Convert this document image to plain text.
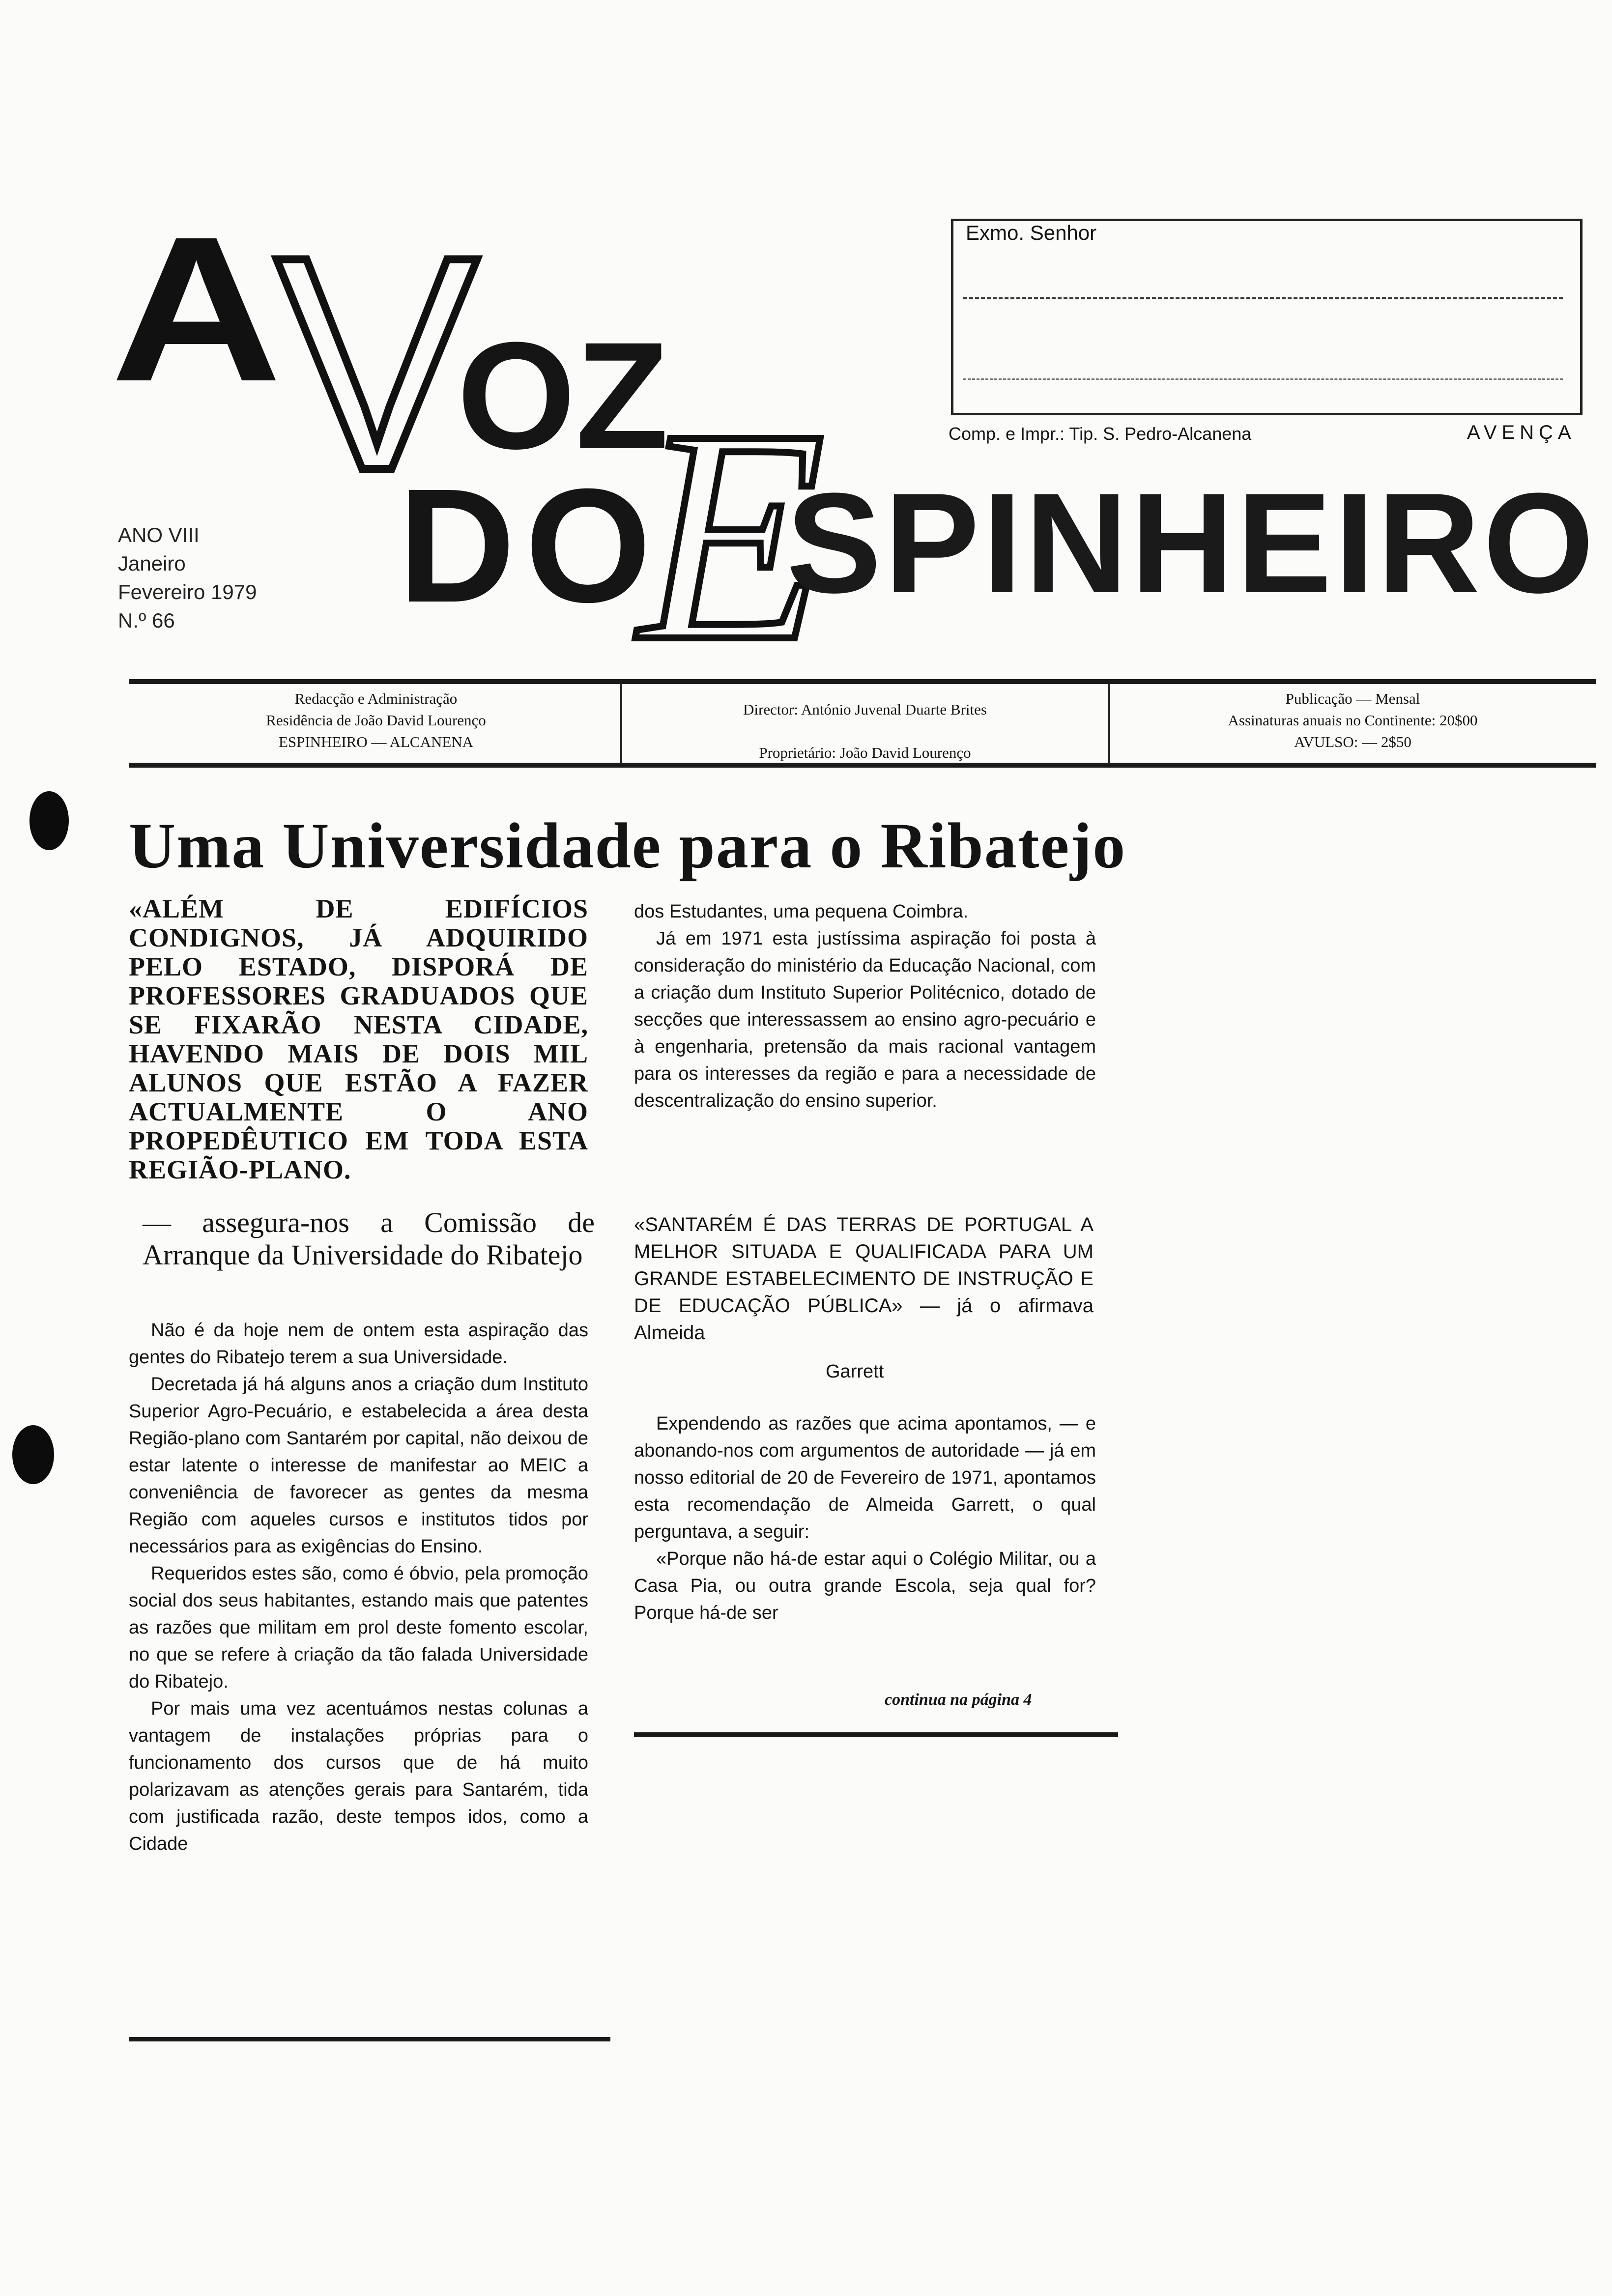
A
V
OZ
DO
E
SPINHEIRO
ANO VIII
Janeiro
Fevereiro 1979
N.º 66
Exmo. Senhor
Comp. e Impr.: Tip. S. Pedro-Alcanena	AVENÇA
Redacção e Administração
Residência de João David Lourenço
ESPINHEIRO — ALCANENA
Director: António Juvenal Duarte Brites
Proprietário: João David Lourenço
Publicação — Mensal
Assinaturas anuais no Continente: 20$00
AVULSO: — 2$50
Uma Universidade para o Ribatejo
«ALÉM DE EDIFÍCIOS CONDIGNOS, JÁ ADQUIRIDO PELO ESTADO, DISPORÁ DE PROFESSORES GRADUADOS QUE SE FIXARÃO NESTA CIDADE, HAVENDO MAIS DE DOIS MIL ALUNOS QUE ESTÃO A FAZER ACTUALMENTE O ANO PROPEDÊUTICO EM TODA ESTA REGIÃO-PLANO.
— assegura-nos a Comissão de Arranque da Universidade do Ribatejo

Não é da hoje nem de ontem esta aspiração das gentes do Ribatejo terem a sua Universidade.

Decretada já há alguns anos a criação dum Instituto Superior Agro-Pecuário, e estabelecida a área desta Região-plano com Santarém por capital, não deixou de estar latente o interesse de manifestar ao MEIC a conveniência de favorecer as gentes da mesma Região com aqueles cursos e institutos tidos por necessários para as exigências do Ensino.

Requeridos estes são, como é óbvio, pela promoção social dos seus habitantes, estando mais que patentes as razões que militam em prol deste fomento escolar, no que se refere à criação da tão falada Universidade do Ribatejo.

Por mais uma vez acentuámos nestas colunas a vantagem de instalações próprias para o funcionamento dos cursos que de há muito polarizavam as atenções gerais para Santarém, tida com justificada razão, deste tempos idos, como a Cidade

dos Estudantes, uma pequena Coimbra.

Já em 1971 esta justíssima aspiração foi posta à consideração do ministério da Educação Nacional, com a criação dum Instituto Superior Politécnico, dotado de secções que interessassem ao ensino agro-pecuário e à engenharia, pretensão da mais racional vantagem para os interesses da região e para a necessidade de descentralização do ensino superior.

«SANTARÉM É DAS TERRAS DE PORTUGAL A MELHOR SITUADA E QUALIFICADA PARA UM GRANDE ESTABELECIMENTO DE INSTRUÇÃO E DE EDUCAÇÃO PÚBLICA» — já o afirmava Almeida
Garrett

Expendendo as razões que acima apontamos, — e abonando-nos com argumentos de autoridade — já em nosso editorial de 20 de Fevereiro de 1971, apontamos esta recomendação de Almeida Garrett, o qual perguntava, a seguir:

«Porque não há-de estar aqui o Colégio Militar, ou a Casa Pia, ou outra grande Escola, seja qual for? Porque há-de ser

continua na página 4
